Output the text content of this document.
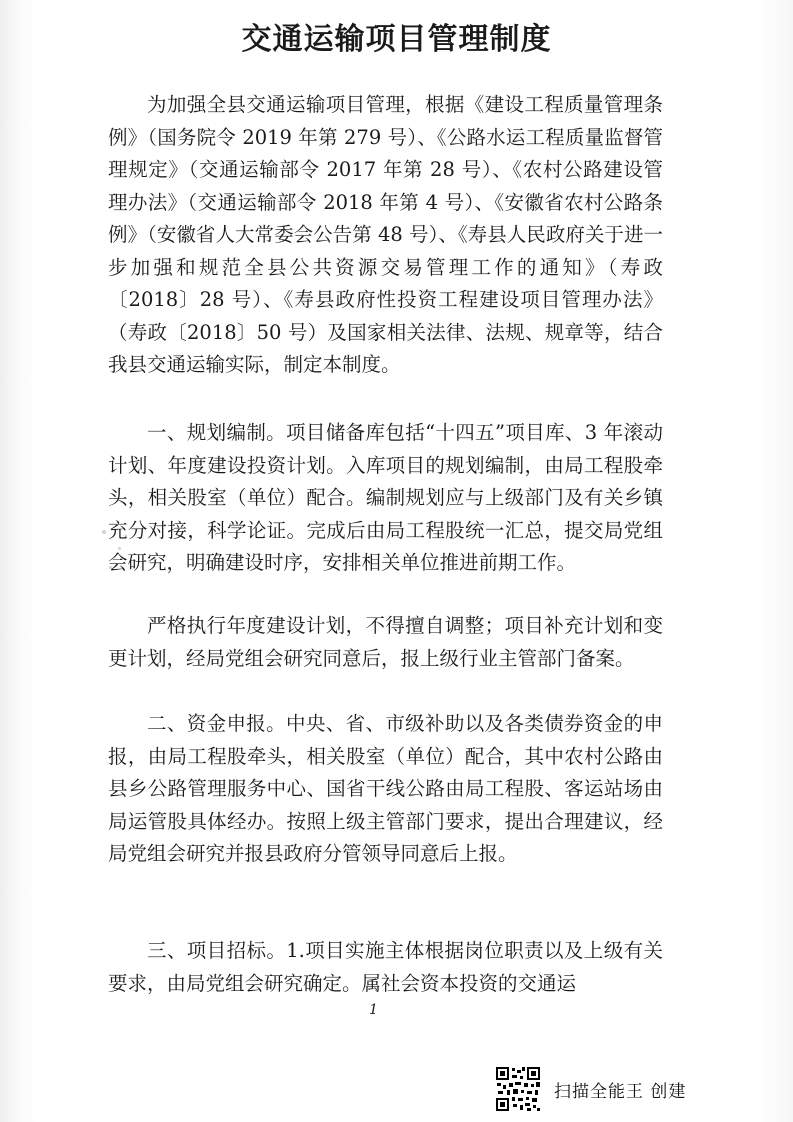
交通运输项目管理制度

为加强全县交通运输项目管理，根据《建设工程质量管理条例》（国务院令 2019 年第 279 号）、《公路水运工程质量监督管理规定》（交通运输部令 2017 年第 28 号）、《农村公路建设管理办法》（交通运输部令 2018 年第 4 号）、《安徽省农村公路条例》（安徽省人大常委会公告第 48 号）、《寿县人民政府关于进一步加强和规范全县公共资源交易管理工作的通知》（寿政〔2018〕28 号）、《寿县政府性投资工程建设项目管理办法》（寿政〔2018〕50 号）及国家相关法律、法规、规章等，结合我县交通运输实际，制定本制度。

一、规划编制。项目储备库包括“十四五”项目库、3 年滚动计划、年度建设投资计划。入库项目的规划编制，由局工程股牵头，相关股室（单位）配合。编制规划应与上级部门及有关乡镇充分对接，科学论证。完成后由局工程股统一汇总，提交局党组会研究，明确建设时序，安排相关单位推进前期工作。

严格执行年度建设计划，不得擅自调整；项目补充计划和变更计划，经局党组会研究同意后，报上级行业主管部门备案。

二、资金申报。中央、省、市级补助以及各类债券资金的申报，由局工程股牵头，相关股室（单位）配合，其中农村公路由县乡公路管理服务中心、国省干线公路由局工程股、客运站场由局运管股具体经办。按照上级主管部门要求，提出合理建议，经局党组会研究并报县政府分管领导同意后上报。

三、项目招标。1.项目实施主体根据岗位职责以及上级有关要求，由局党组会研究确定。属社会资本投资的交通运

1
扫描全能王 创建
